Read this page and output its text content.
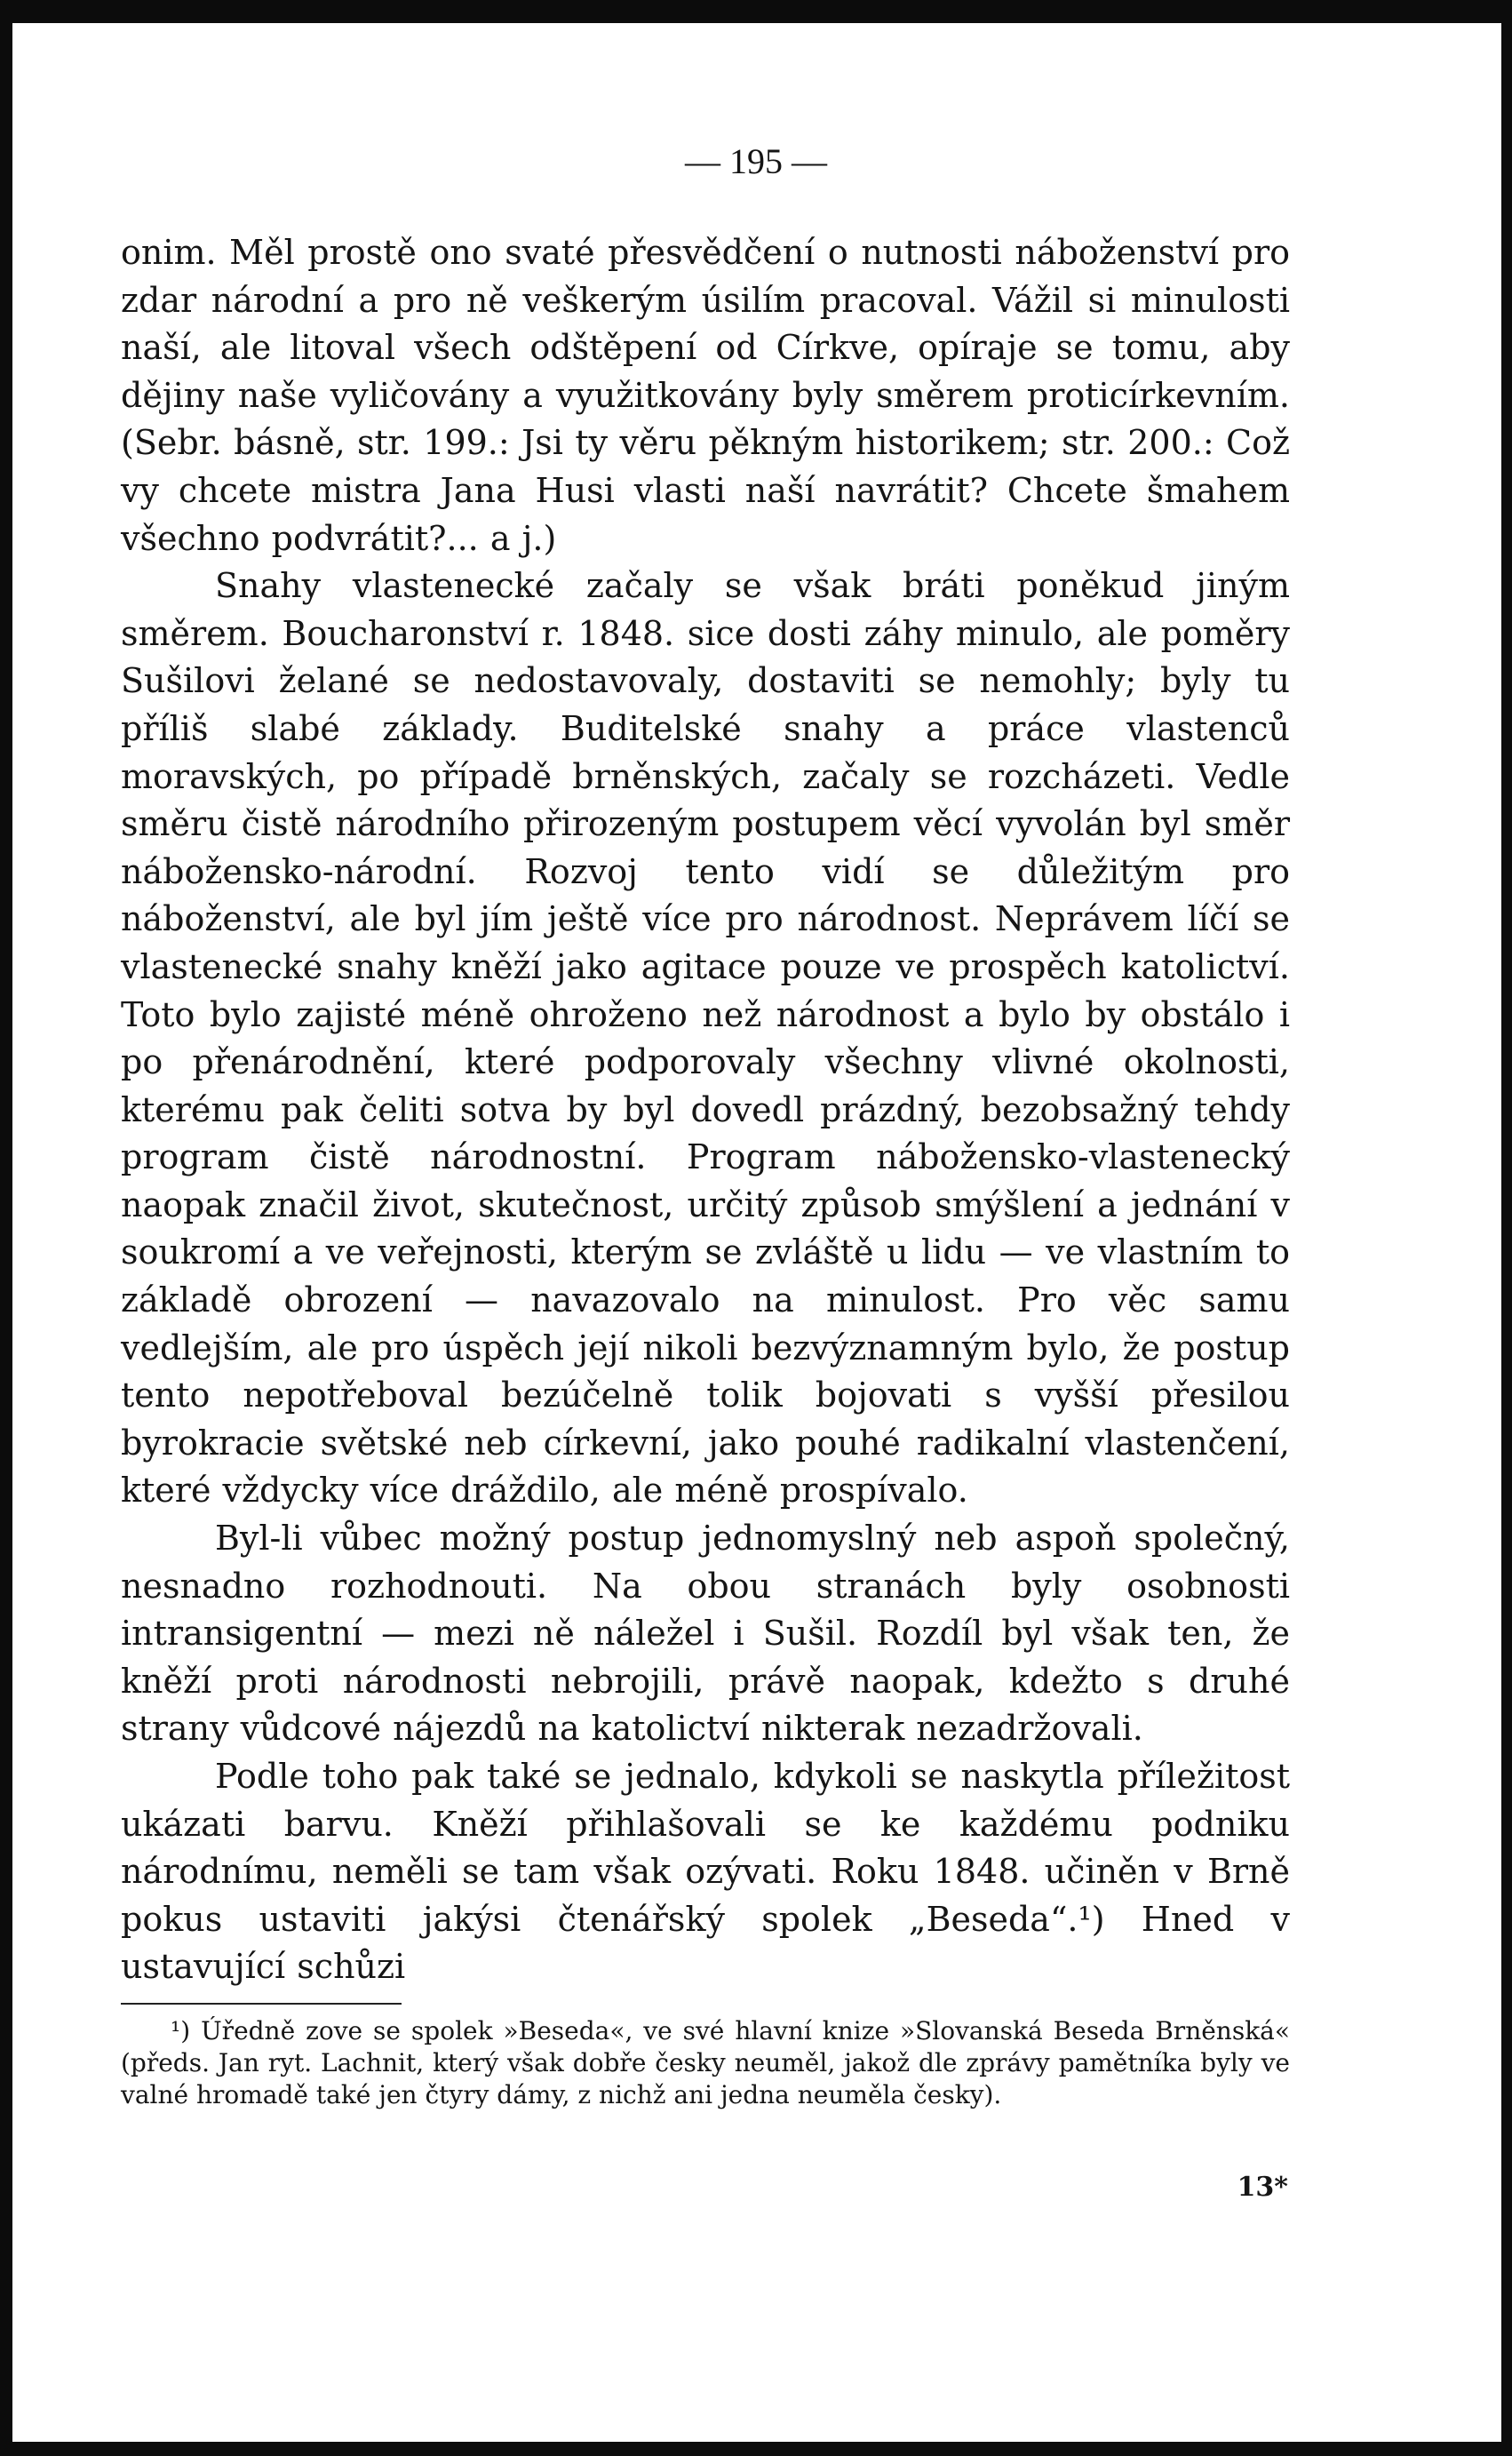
— 195 —

onim. Měl prostě ono svaté přesvědčení o nutnosti náboženství pro zdar národní a pro ně veškerým úsilím pracoval. Vážil si minulosti naší, ale litoval všech odštěpení od Církve, opíraje se tomu, aby dějiny naše vyličovány a využitkovány byly směrem proticírkevním. (Sebr. básně, str. 199.: Jsi ty věru pěkným historikem; str. 200.: Což vy chcete mistra Jana Husi vlasti naší navrátit? Chcete šmahem všechno podvrátit?... a j.)

Snahy vlastenecké začaly se však bráti poněkud jiným směrem. Boucharonství r. 1848. sice dosti záhy minulo, ale poměry Sušilovi želané se nedostavovaly, dostaviti se nemohly; byly tu příliš slabé základy. Buditelské snahy a práce vlastenců moravských, po případě brněnských, začaly se rozcházeti. Vedle směru čistě národního přirozeným postupem věcí vyvolán byl směr nábožensko-národní. Rozvoj tento vidí se důležitým pro náboženství, ale byl jím ještě více pro národnost. Neprávem líčí se vlastenecké snahy kněží jako agitace pouze ve prospěch katolictví. Toto bylo zajisté méně ohroženo než národnost a bylo by obstálo i po přenárodnění, které podporovaly všechny vlivné okolnosti, kterému pak čeliti sotva by byl dovedl prázdný, bezobsažný tehdy program čistě národnostní. Program nábožensko-vlastenecký naopak značil život, skutečnost, určitý způsob smýšlení a jednání v soukromí a ve veřejnosti, kterým se zvláště u lidu — ve vlastním to základě obrození — navazovalo na minulost. Pro věc samu vedlejším, ale pro úspěch její nikoli bezvýznamným bylo, že postup tento nepotřeboval bezúčelně tolik bojovati s vyšší přesilou byrokracie světské neb církevní, jako pouhé radikalní vlastenčení, které vždycky více dráždilo, ale méně prospívalo.

Byl-li vůbec možný postup jednomyslný neb aspoň společný, nesnadno rozhodnouti. Na obou stranách byly osobnosti intransigentní — mezi ně náležel i Sušil. Rozdíl byl však ten, že kněží proti národnosti nebrojili, právě naopak, kdežto s druhé strany vůdcové nájezdů na katolictví nikterak nezadržovali.

Podle toho pak také se jednalo, kdykoli se naskytla příležitost ukázati barvu. Kněží přihlašovali se ke každému podniku národnímu, neměli se tam však ozývati. Roku 1848. učiněn v Brně pokus ustaviti jakýsi čtenářský spolek „Beseda“.¹) Hned v ustavující schůzi

¹) Úředně zove se spolek »Beseda«, ve své hlavní knize »Slovanská Beseda Brněnská« (předs. Jan ryt. Lachnit, který však dobře česky neuměl, jakož dle zprávy pamětníka byly ve valné hromadě také jen čtyry dámy, z nichž ani jedna neuměla česky).

13*
